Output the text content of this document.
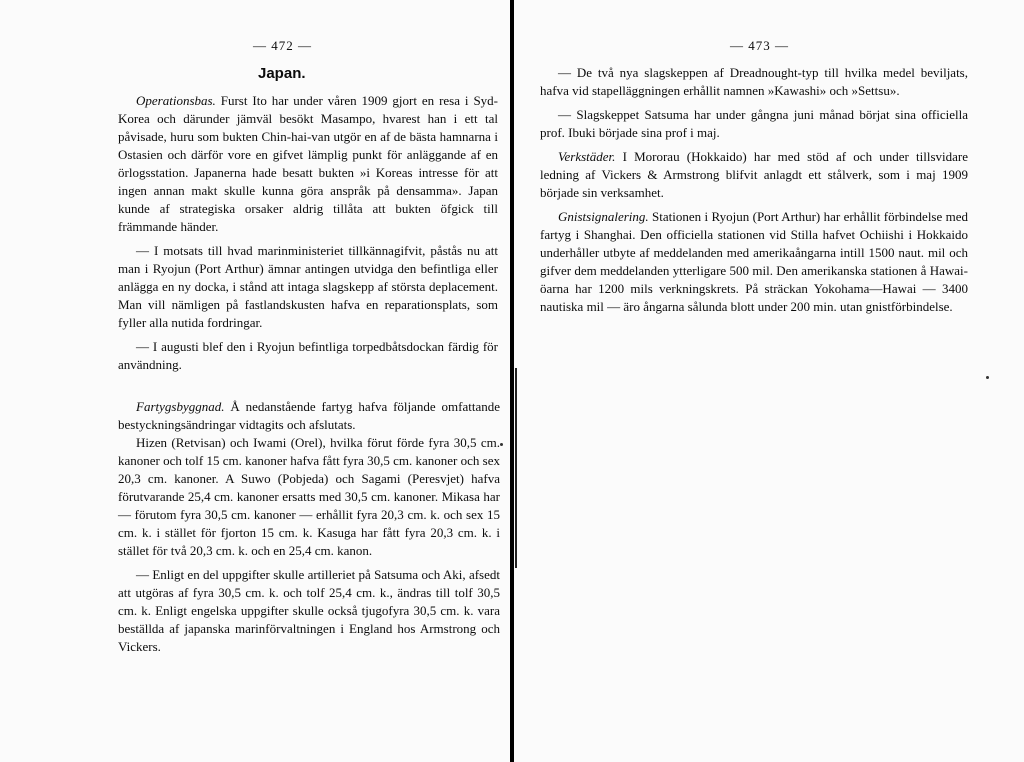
— 472 —
Japan.

Operationsbas. Furst Ito har under våren 1909 gjort en resa i Syd-Korea och därunder jämväl besökt Masampo, hvarest han i ett tal påvisade, huru som bukten Chin-hai-van utgör en af de bästa hamnarna i Ostasien och därför vore en gifvet lämplig punkt för anläggande af en örlogsstation. Japanerna hade besatt bukten »i Koreas intresse för att ingen annan makt skulle kunna göra anspråk på densamma». Japan kunde af strategiska orsaker aldrig tillåta att bukten öfgick till främmande händer.

— I motsats till hvad marinministeriet tillkännagifvit, påstås nu att man i Ryojun (Port Arthur) ämnar antingen utvidga den befintliga eller anlägga en ny docka, i stånd att intaga slagskepp af största deplacement. Man vill nämligen på fastlandskusten hafva en reparationsplats, som fyller alla nutida fordringar.

— I augusti blef den i Ryojun befintliga torpedbåtsdockan färdig för användning.

Fartygsbyggnad. Å nedanstående fartyg hafva följande omfattande bestyckningsändringar vidtagits och afslutats.

Hizen (Retvisan) och Iwami (Orel), hvilka förut förde fyra 30,5 cm. kanoner och tolf 15 cm. kanoner hafva fått fyra 30,5 cm. kanoner och sex 20,3 cm. kanoner. A Suwo (Pobjeda) och Sagami (Peresvjet) hafva förutvarande 25,4 cm. kanoner ersatts med 30,5 cm. kanoner. Mikasa har — förutom fyra 30,5 cm. kanoner — erhållit fyra 20,3 cm. k. och sex 15 cm. k. i stället för fjorton 15 cm. k. Kasuga har fått fyra 20,3 cm. k. i stället för två 20,3 cm. k. och en 25,4 cm. kanon.

— Enligt en del uppgifter skulle artilleriet på Satsuma och Aki, afsedt att utgöras af fyra 30,5 cm. k. och tolf 25,4 cm. k., ändras till tolf 30,5 cm. k. Enligt engelska uppgifter skulle också tjugofyra 30,5 cm. k. vara beställda af japanska marinförvaltningen i England hos Armstrong och Vickers.

— 473 —

— De två nya slagskeppen af Dreadnought-typ till hvilka medel beviljats, hafva vid stapelläggningen erhållit namnen »Kawashi» och »Settsu».

— Slagskeppet Satsuma har under gångna juni månad börjat sina officiella prof. Ibuki började sina prof i maj.

Verkstäder. I Mororau (Hokkaido) har med stöd af och under tillsvidare ledning af Vickers & Armstrong blifvit anlagdt ett stålverk, som i maj 1909 började sin verksamhet.

Gnistsignalering. Stationen i Ryojun (Port Arthur) har erhållit förbindelse med fartyg i Shanghai. Den officiella stationen vid Stilla hafvet Ochiishi i Hokkaido underhåller utbyte af meddelanden med amerikaångarna intill 1500 naut. mil och gifver dem meddelanden ytterligare 500 mil. Den amerikanska stationen å Hawai-öarna har 1200 mils verkningskrets. På sträckan Yokohama—Hawai — 3400 nautiska mil — äro ångarna sålunda blott under 200 min. utan gnistförbindelse.
